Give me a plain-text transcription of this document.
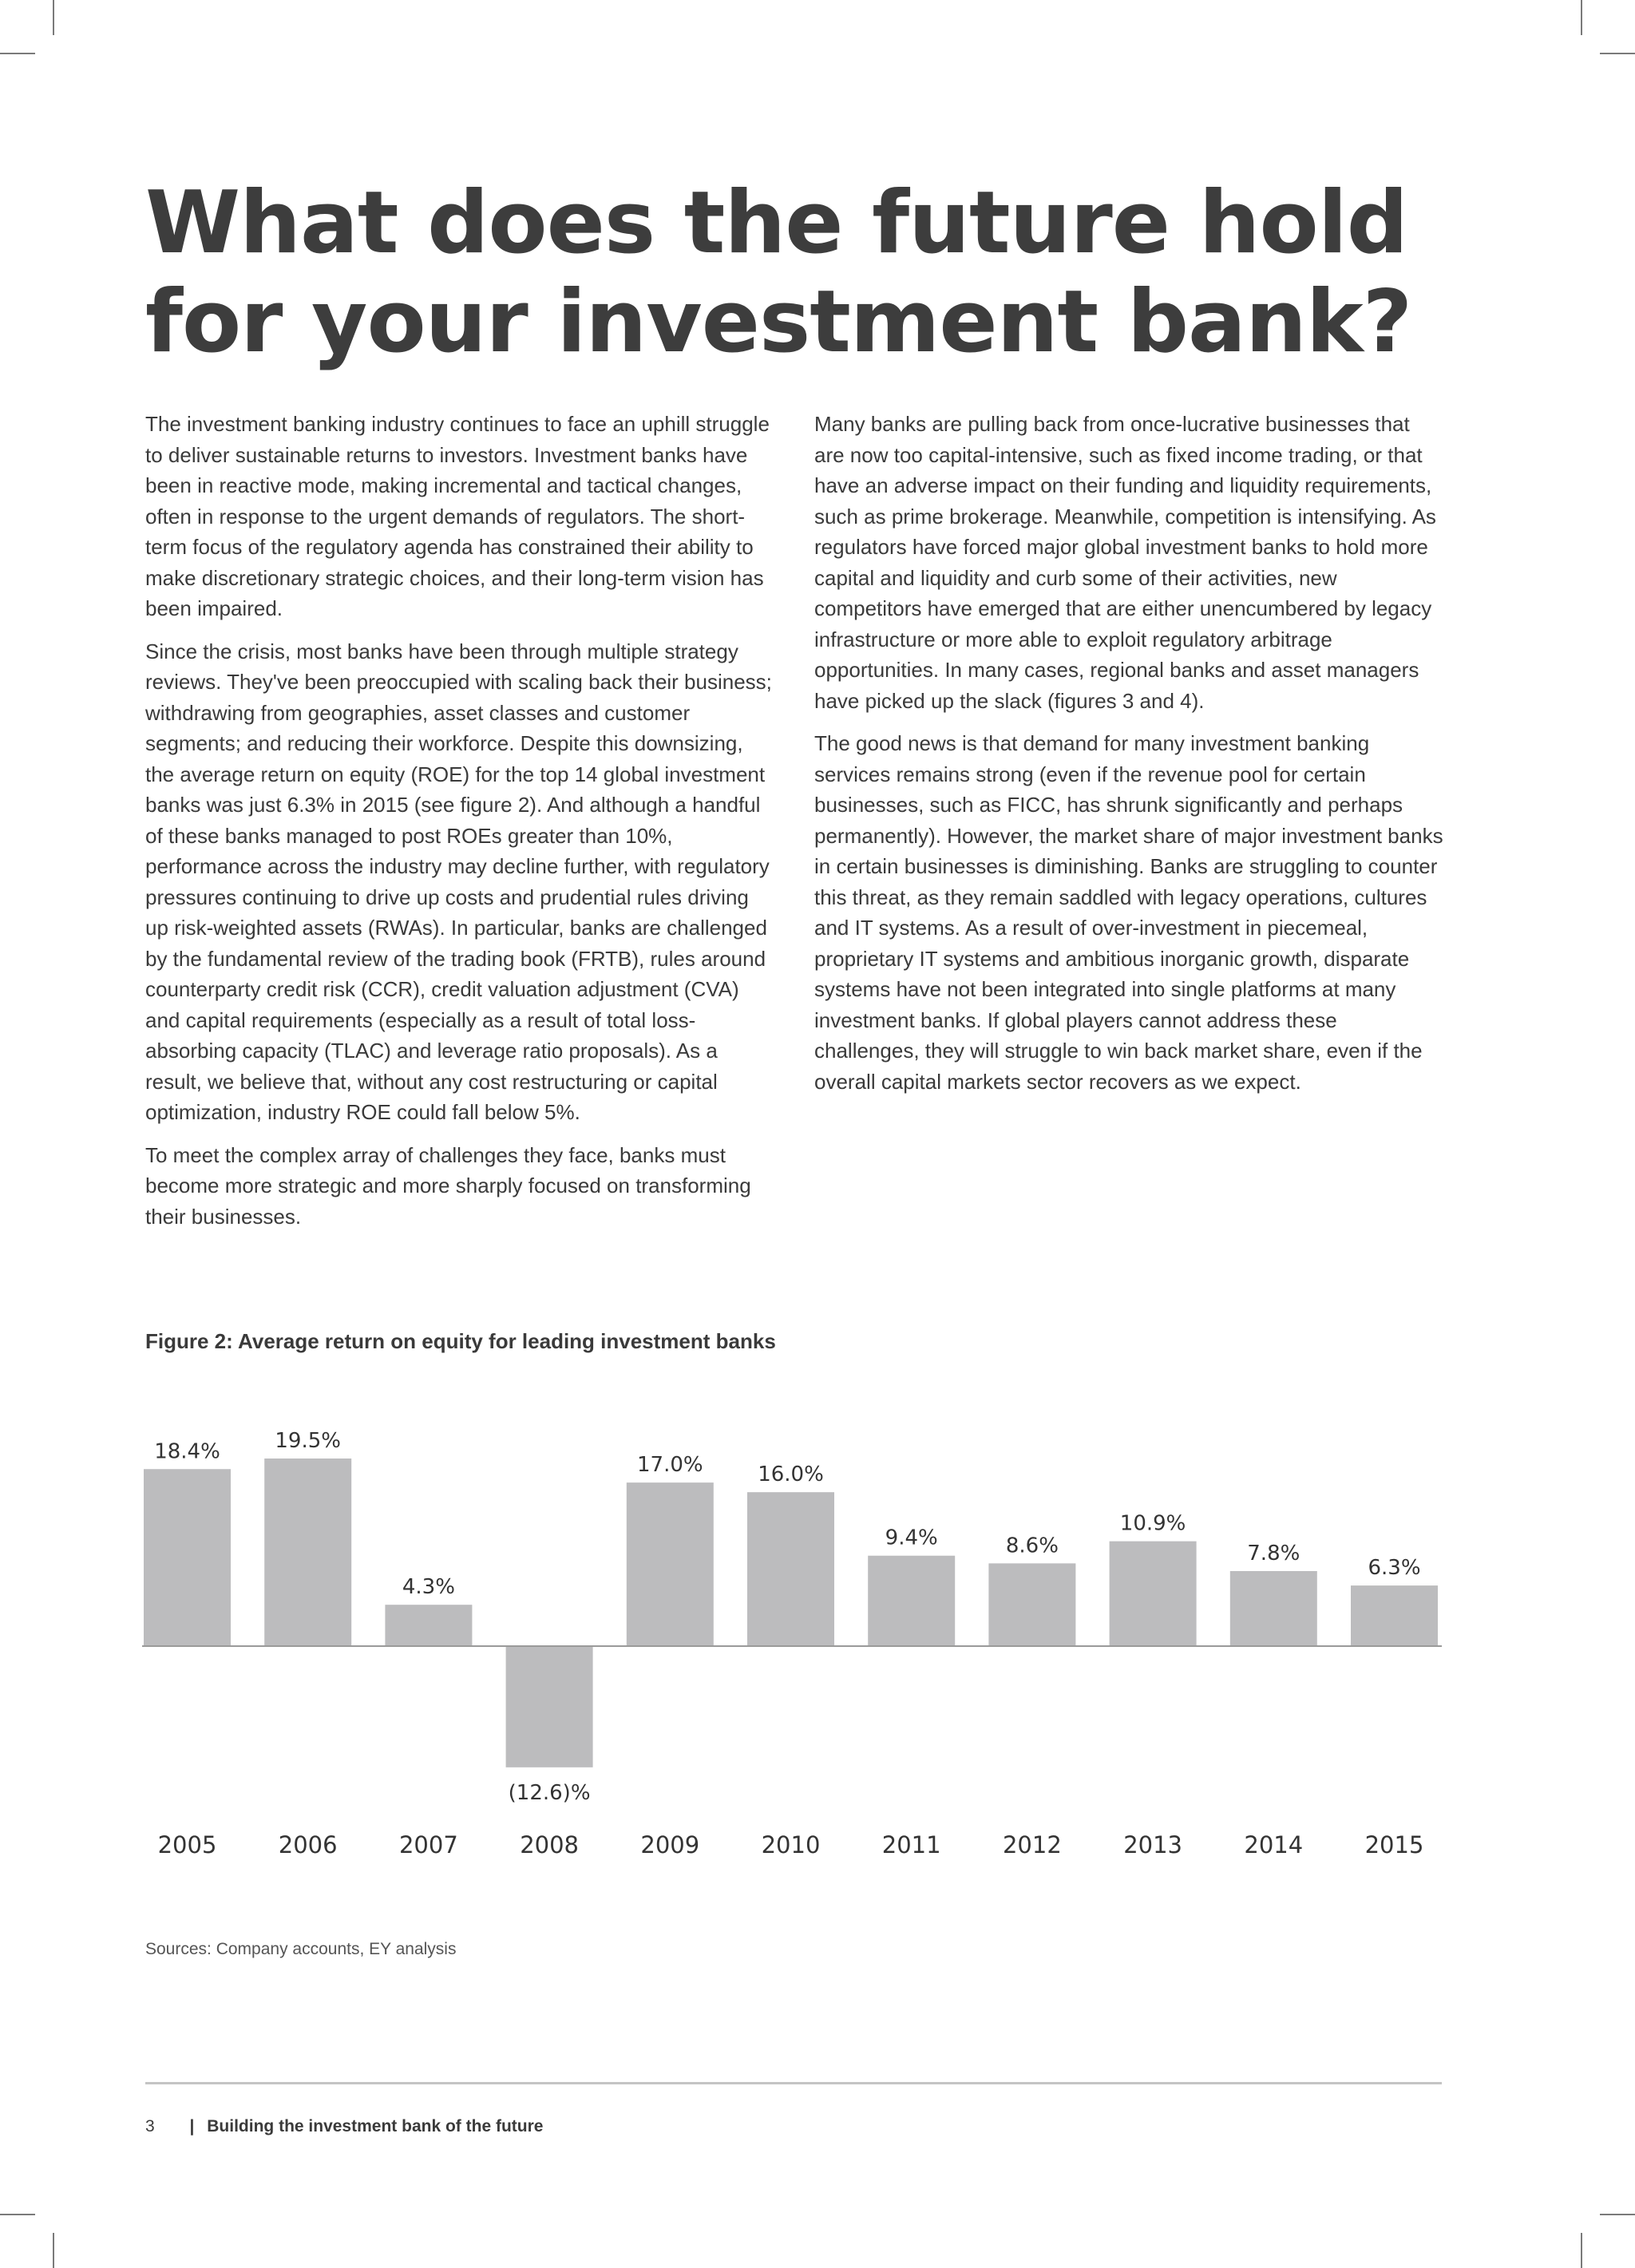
What does the future hold for your investment bank?

The investment banking industry continues to face an uphill struggle to deliver sustainable returns to investors. Investment banks have been in reactive mode, making incremental and tactical changes, often in response to the urgent demands of regulators. The short-term focus of the regulatory agenda has constrained their ability to make discretionary strategic choices, and their long-term vision has been impaired.

Since the crisis, most banks have been through multiple strategy reviews. They've been preoccupied with scaling back their business; withdrawing from geographies, asset classes and customer segments; and reducing their workforce. Despite this downsizing, the average return on equity (ROE) for the top 14 global investment banks was just 6.3% in 2015 (see figure 2). And although a handful of these banks managed to post ROEs greater than 10%, performance across the industry may decline further, with regulatory pressures continuing to drive up costs and prudential rules driving up risk-weighted assets (RWAs). In particular, banks are challenged by the fundamental review of the trading book (FRTB), rules around counterparty credit risk (CCR), credit valuation adjustment (CVA) and capital requirements (especially as a result of total loss-absorbing capacity (TLAC) and leverage ratio proposals). As a result, we believe that, without any cost restructuring or capital optimization, industry ROE could fall below 5%.

To meet the complex array of challenges they face, banks must become more strategic and more sharply focused on transforming their businesses.

Many banks are pulling back from once-lucrative businesses that are now too capital-intensive, such as fixed income trading, or that have an adverse impact on their funding and liquidity requirements, such as prime brokerage. Meanwhile, competition is intensifying. As regulators have forced major global investment banks to hold more capital and liquidity and curb some of their activities, new competitors have emerged that are either unencumbered by legacy infrastructure or more able to exploit regulatory arbitrage opportunities. In many cases, regional banks and asset managers have picked up the slack (figures 3 and 4).

The good news is that demand for many investment banking services remains strong (even if the revenue pool for certain businesses, such as FICC, has shrunk significantly and perhaps permanently). However, the market share of major investment banks in certain businesses is diminishing. Banks are struggling to counter this threat, as they remain saddled with legacy operations, cultures and IT systems. As a result of over-investment in piecemeal, proprietary IT systems and ambitious inorganic growth, disparate systems have not been integrated into single platforms at many investment banks. If global players cannot address these challenges, they will struggle to win back market share, even if the overall capital markets sector recovers as we expect.

Figure 2: Average return on equity for leading investment banks
18.4%
2005
19.5%
2006
4.3%
2007
(12.6)%
2008
17.0%
2009
16.0%
2010
9.4%
2011
8.6%
2012
10.9%
2013
7.8%
2014
6.3%
2015
Sources: Company accounts, EY analysis
3 | Building the investment bank of the future
